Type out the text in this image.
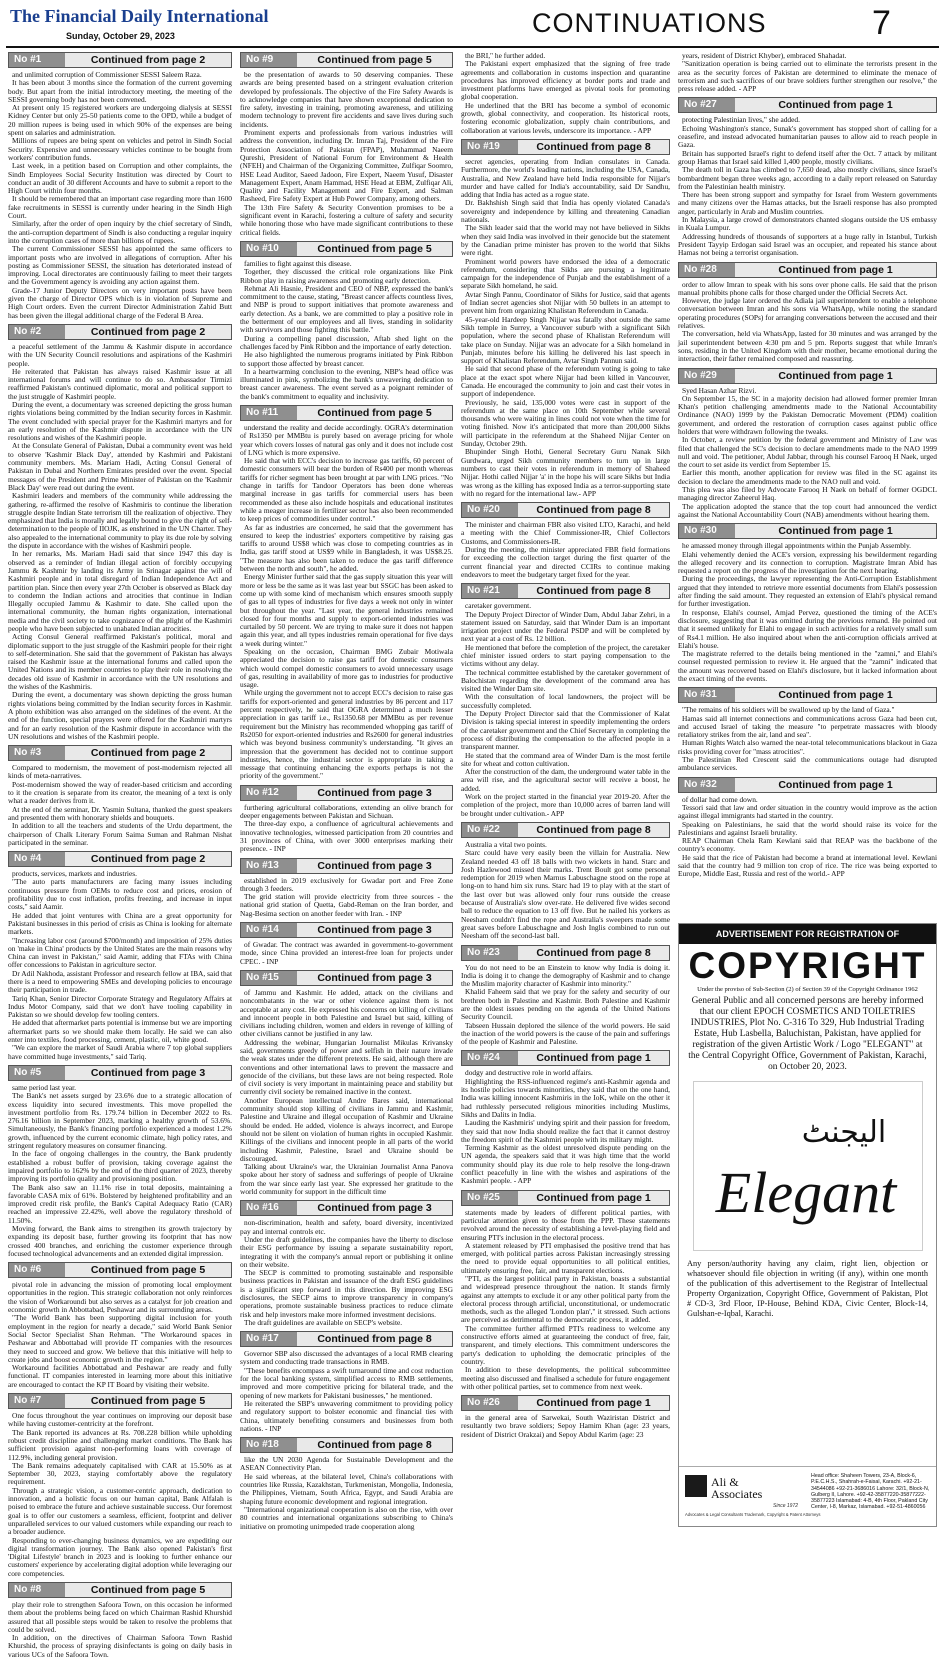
The Financial Daily International
Sunday, October 29, 2023	CONTINUATIONS	7
No #1	Continued from page 2

and unlimited corruption of Commissioner SESSI Saleem Raza.

It has been about 3 months since the formation of the current governing body. But apart from the initial introductory meeting, the meeting of the SESSI governing body has not been convened.

At present only 15 registered workers are undergoing dialysis at SESSI Kidney Center but only 25-50 patients come to the OPD, while a budget of 20 million rupees is being used in which 90% of the expenses are being spent on salaries and administration.

Millions of rupees are being spent on vehicles and petrol in Sindh Social Security. Expensive and unnecessary vehicles continue to be bought from workers' contribution funds.

Last week, in a petition based on Corruption and other complaints, the Sindh Employees Social Security Institution was directed by Court to conduct an audit of 30 different Accounts and have to submit a report to the High Court within four months.

It should be remembered that an important case regarding more than 1600 fake recruitments in SESSI is currently under hearing in the Sindh High Court.

Similarly, after the order of open inquiry by the chief secretary of Sindh, the anti-corruption department of Sindh is also conducting a regular inquiry into the corruption cases of more than billions of rupees.

The current Commissioner SESSI has appointed the same officers to important posts who are involved in allegations of corruption. After his posting as Commissioner SESSI, the situation has deteriorated instead of improving. Local directorates are continuously failing to meet their targets and the Government agency is avoiding any action against them.

Grade-17 Junior Deputy Directors on very important posts have been given the charge of Director OPS which is in violation of Supreme and High Court orders. Even the current Director Administration Zahid Butt has been given the illegal additional charge of the Federal B Area.

No #2	Continued from page 2

a peaceful settlement of the Jammu & Kashmir dispute in accordance with the UN Security Council resolutions and aspirations of the Kashmiri people.

He reiterated that Pakistan has always raised Kashmir issue at all international forums and will continue to do so. Ambassador Tirmizi reaffirmed Pakistan's continued diplomatic, moral and political support to the just struggle of Kashmiri people.

During the event, a documentary was screened depicting the gross human rights violations being committed by the Indian security forces in Kashmir. The event concluded with special prayer for the Kashmiri martyrs and for an early resolution of the Kashmir dispute in accordance with the UN resolutions and wishes of the Kashmiri people.

At the Consulate General of Pakistan, Dubai a community event was held to observe 'Kashmir Black Day', attended by Kashmiri and Pakistani community members. Ms. Mariam Hadi, Acting Consul General of Pakistan in Dubai and Northern Emirates presided over the event. Special messages of the President and Prime Minister of Pakistan on the 'Kashmir Black Day' were read out during the event.

Kashmiri leaders and members of the community while addressing the gathering, re-affirmed the resolve of Kashmiris to continue the liberation struggle despite Indian State terrorism till the realization of objective. They emphasized that India is morally and legally bound to give the right of self-determination to the people of IIOJK, as enshrined in the UN Charter. They also appealed to the international community to play its due role by solving the dispute in accordance with the wishes of Kashmiri people.

In her remarks, Ms. Mariam Hadi said that since 1947 this day is observed as a reminder of Indian illegal action of forcibly occupying Jammu & Kashmir by landing its Army in Srinagar against the will of Kashmiri people and in total disregard of Indian Independence Act and partition plan. Since then every year 27th October is observed as Black day to condemn the Indian actions and atrocities that continue in Indian Illegally occupied Jammu & Kashmir to date. She called upon the international community, the human rights organization, international media and the civil society to take cognizance of the plight of the Kashmiri people who have been subjected to unabated Indian atrocities.

Acting Consul General reaffirmed Pakistan's political, moral and diplomatic support to the just struggle of the Kashmiri people for their right to self-determination. She said that the government of Pakistan has always raised the Kashmir issue at the international forums and called upon the United Nations and its member countries to play their role in resolving the decades old issue of Kashmir in accordance with the UN resolutions and the wishes of the Kashmiris.

During the event, a documentary was shown depicting the gross human rights violations being committed by the Indian security forces in Kashmir. A photo exhibition was also arranged on the sidelines of the event. At the end of the function, special prayers were offered for the Kashmiri martyrs and for an early resolution of the Kashmir dispute in accordance with the UN resolutions and wishes of the Kashmiri people.

No #3	Continued from page 2

Compared to modernism, the movement of post-modernism rejected all kinds of meta-narratives.

Post-modernism showed the way of reader-based criticism and according to it the creation is separate from its creator, the meaning of a text is only what a reader derives from it.

At the end of the seminar, Dr. Yasmin Sultana, thanked the guest speakers and presented them with honorary shields and bouquets.

In addition to all the teachers and students of the Urdu department, the chairperson of Chalk Literary Forum Saima Suman and Rahman Nishat participated in the seminar.

No #4	Continued from page 2

products, services, markets and industries.

"The auto parts manufacturers are facing many issues including continuous pressure from OEMs to reduce cost and prices, erosion of profitability due to cost inflation, profits freezing, and increase in input costs," said Aamir.

He added that joint ventures with China are a great opportunity for Pakistani businesses in this period of crisis as China is looking for alternate markets.

"Increasing labor cost (around $700/month) and imposition of 25% duties on 'make in China' products by the United States are the main reasons why China can invest in Pakistan," said Aamir, adding that FTAs with China offer concessions to Pakistan in agriculture sector.

Dr Adil Nakhoda, assistant Professor and research fellow at IBA, said that there is a need to empowering SMEs and developing policies to encourage their participation in trade.

Tariq Khan, Senior Director Corporate Strategy and Regulatory Affairs at Indus Motor Company, said that we don't have tooling capability in Pakistan so we should develop few tooling centers.

He added that aftermarket parts potential is immense but we are importing aftermarket parts so we should make them locally. He said we can also enter into textiles, food processing, cement, plastic, oil, white good.

"We can explore the market of Saudi Arabia where 7 top global suppliers have committed huge investments," said Tariq.

No #5	Continued from page 3

same period last year.

The Bank's net assets surged by 23.6% due to a strategic allocation of excess liquidity into secured investments. This move propelled the investment portfolio from Rs. 179.74 billion in December 2022 to Rs. 276.16 billion in September 2023, marking a healthy growth of 53.6%. Simultaneously, the Bank's financing portfolio experienced a modest 1.2% growth, influenced by the current economic climate, high policy rates, and stringent regulatory measures on consumer financing.

In the face of ongoing challenges in the country, the Bank prudently established a robust buffer of provision, taking coverage against the impaired portfolio to 162% by the end of the third quarter of 2023, thereby improving its portfolio quality and provisioning position.

The Bank also saw an 11.1% rise in total deposits, maintaining a favorable CASA mix of 61%. Bolstered by heightened profitability and an improved credit risk profile, the Bank's Capital Adequacy Ratio (CAR) reached an impressive 22.42%, well above the regulatory threshold of 11.50%.

Moving forward, the Bank aims to strengthen its growth trajectory by expanding its deposit base, further growing its footprint that has now crossed 400 branches, and enriching the customer experience through focused technological advancements and an extended digital impression.

No #6	Continued from page 5

pivotal role in advancing the mission of promoting local employment opportunities in the region. This strategic collaboration not only reinforces the vision of Workaroundi but also serves as a catalyst for job creation and economic growth in Abbottabad, Peshawar and its surrounding areas.

"The World Bank has been supporting digital inclusion for youth employment in the region for nearly a decade," said World Bank Senior Social Sector Specialist Shan Rehman. "The Workaround spaces in Peshawar and Abbottabad will provide IT companies with the resources they need to succeed and grow. We believe that this initiative will help to create jobs and boost economic growth in the region."

Workaround facilities Abbottabad and Peshawar are ready and fully functional. IT companies interested in learning more about this initiative are encouraged to contact the KP IT Board by visiting their website.

No #7	Continued from page 5

One focus throughout the year continues on improving our deposit base while having customer-centricity at the forefront.

The Bank reported its advances at Rs. 708.228 billion while upholding robust credit discipline and challenging market conditions. The Bank has sufficient provision against non-performing loans with coverage of 112.9%, including general provision.

The Bank remains adequately capitalised with CAR at 15.50% as at September 30, 2023, staying comfortably above the regulatory requirement.

Through a strategic vision, a customer-centric approach, dedication to innovation, and a holistic focus on our human capital, Bank Alfalah is poised to embrace the future and achieve sustainable success. Our foremost goal is to offer our customers a seamless, efficient, footprint and deliver unparalleled services to our valued customers while expanding our reach to a broader audience.

Responding to ever-changing business dynamics, we are expediting our digital transformation journey. The Bank also opened Pakistan's first 'Digital Lifestyle' branch in 2023 and is looking to further enhance our customers' experience by accelerating digital adoption while leveraging our core competencies.

No #8	Continued from page 5

play their role to strengthen Safoora Town, on this occasion he informed them about the problems being faced on which Chairman Rashid Khurshid assured that all possible steps would be taken to resolve the problems that could be solved.

In addition, on the directives of Chairman Safoora Town Rashid Khurshid, the process of spraying disinfectants is going on daily basis in various UCs of the Safoora Town.

No #9	Continued from page 5

be the presentation of awards to 50 deserving companies. These awards are being presented based on a stringent evaluation criterion developed by professionals. The objective of the Fire Safety Awards is to acknowledge companies that have shown exceptional dedication to fire safety, investing in training, promoting awareness, and utilizing modern technology to prevent fire accidents and save lives during such incidents.

Prominent experts and professionals from various industries will address the convention, including Dr. Imran Taj, President of the Fire Protection Association of Pakistan (FPAP), Muhammad Naeem Qureshi, President of National Forum for Environment & Health (NFEH) and Chairman of the Organizing Committee, Zulfiqar Soomro, HSE Lead Auditor, Saeed Jadoon, Fire Expert, Naeem Yusuf, Disaster Management Expert, Anam Hammad, HSE Head at EBM, Zulfiqar Ali, Quality and Facility Management and Fire Expert, and Salman Rasheed, Fire Safety Expert at Hub Power Company, among others.

The 13th Fire Safety & Security Convention promises to be a significant event in Karachi, fostering a culture of safety and security while honoring those who have made significant contributions to these critical fields.

No #10	Continued from page 5

families to fight against this disease.

Together, they discussed the critical role organizations like Pink Ribbon play in raising awareness and promoting early detection.

Rehmat Ali Hasnie, President and CEO of NBP, expressed the bank's commitment to the cause, stating, "Breast cancer affects countless lives, and NBP is proud to support initiatives that promote awareness and early detection. As a bank, we are committed to play a positive role in the betterment of our employees and all lives, standing in solidarity with survivors and those fighting this battle."

During a compelling panel discussion, Aftab shed light on the challenges faced by Pink Ribbon and the importance of early detection.

He also highlighted the numerous programs initiated by Pink Ribbon to support those affected by breast cancer.

In a heartwarming conclusion to the evening, NBP's head office was illuminated in pink, symbolizing the bank's unwavering dedication to breast cancer awareness. The event served as a poignant reminder of the bank's commitment to equality and inclusivity.

No #11	Continued from page 5

understand the reality and decide accordingly. OGRA's determination of Rs1350 per MMBtu is purely based on average pricing for whole year which covers losses of natural gas only and it does not include cost of LNG which is more expensive.

He said that with ECC's decision to increase gas tariffs, 60 percent of domestic consumers will bear the burden of Rs400 per month whereas tariffs for richer segment has been brought at par with LNG prices. "No change in tariffs for Tandoor Operators has been done whereas marginal increase in gas tariffs for commercial users has been recommended as these also include hospitals and educational institutes while a meager increase in fertilizer sector has also been recommended to keep prices of commodities under control."

As far as industries are concerned, he said that the government has ensured to keep the industries' exporters competitive by raising gas tariffs to around US$8 which was close to competing countries as in India, gas tariff stood at US$9 while in Bangladesh, it was US$8.25. "The measure has also been taken to reduce the gas tariff difference between the north and south", he added.

Energy Minister further said that the gas supply situation this year will more or less be the same as it was last year but SSGC has been asked to come up with some kind of mechanism which ensures smooth supply of gas to all types of industries for five days a week not only in winter but throughout the year. "Last year, the general industries remained closed for four months and supply to export-oriented industries was curtailed by 50 percent. We are trying to make sure it does not happen again this year, and all types industries remain operational for five days a week during winter."

Speaking on the occasion, Chairman BMG Zubair Motiwala appreciated the decision to raise gas tariff for domestic consumers which would compel domestic consumers to avoid unnecessary usage of gas, resulting in availability of more gas to industries for productive usage.

While urging the government not to accept ECC's decision to raise gas tariffs for export-oriented and general industries by 86 percent and 117 percent respectively, he said that OGRA determined a much lesser appreciation in gas tariff i.e., Rs1350.68 per MMBtu as per revenue requirement but the Ministry has recommended whopping gas tariff of Rs2050 for export-oriented industries and Rs2600 for general industries which was beyond business community's understanding. "It gives an impression that the government has decided not to continue support industries, hence, the industrial sector is appropriate in taking a message that continuing enhancing the exports perhaps is not the priority of the government."

No #12	Continued from page 3

furthering agricultural collaborations, extending an olive branch for deeper engagements between Pakistan and Sichuan.

The three-day expo, a confluence of agricultural achievements and innovative technologies, witnessed participation from 20 countries and 31 provinces of China, with over 3000 enterprises marking their presence. - INP

No #13	Continued from page 3

established in 2019 exclusively for Gwadar port and Free Zone through 3 feeders.

The grid station will provide electricity from three sources - the national grid station of Quetta, Gabd-Reman on the Iran border, and Nag-Besima section on another feeder with Iran. - INP

No #14	Continued from page 3

of Gwadar. The contract was awarded in government-to-government mode, since China provided an interest-free loan for projects under CPEC. - INP

No #15	Continued from page 3

of Jammu and Kashmir. He added, attack on the civilians and noncombatants in the war or other violence against them is not acceptable at any cost. He expressed his concerns on killing of civilians and innocent people in both Palestine and Israel but said, killing of civilians including children, women and elders in revenge of killing of other civilians cannot be justified in any law.

Addressing the webinar, Hungarian Journalist Mikulas Krivansky said, governments greedy of power and selfish in their nature invade the weak states under the different pretexts. He said, although there are conventions and other international laws to prevent the massacre and genocide of the civilians, but these laws are not being respected. Role of civil society is very important in maintaining peace and stability but currently civil society be remained inactive in the context.

Another European intellectual Andre Bares said, international community should stop killing of civilians in Jammu and Kashmir, Palestine and Ukraine and illegal occupation of Kashmir and Ukraine should be ended. He added, violence is always incorrect, and Europe should not be silent on violation of human rights in occupied Kashmir. Killings of the civilians and innocent people in all parts of the world including Kashmir, Palestine, Israel and Ukraine should be discouraged.

Talking about Ukraine's war, the Ukrainian Journalist Anna Panova spoke about her story of sadness and sufferings of people of Ukraine from the war since early last year. She expressed her gratitude to the world community for support in the difficult time

No #16	Continued from page 3

non-discrimination, health and safety, board diversity, incentivized pay and internal controls etc.

Under the draft guidelines, the companies have the liberty to disclose their ESG performance by issuing a separate sustainability report, integrating it with the company's annual report or publishing it online on their website.

The SECP is committed to promoting sustainable and responsible business practices in Pakistan and issuance of the draft ESG guidelines is a significant step forward in this direction. By improving ESG disclosures, the SECP aims to improve transparency in company's operations, promote sustainable business practices to reduce climate risk and help investors make more informed investment decisions.

The draft guidelines are available on SECP's website.

No #17	Continued from page 8

Governor SBP also discussed the advantages of a local RMB clearing system and conducting trade transactions in RMB.

"These benefits encompass a swift turnaround time and cost reduction for the local banking system, simplified access to RMB settlements, improved and more competitive pricing for bilateral trade, and the opening of new markets for Pakistani businesses," he mentioned.

He reiterated the SBP's unwavering commitment to providing policy and regulatory support to bolster economic and financial ties with China, ultimately benefiting consumers and businesses from both nations. - INP

No #18	Continued from page 8

like the UN 2030 Agenda for Sustainable Development and the ASEAN Connectivity Plan.

He said whereas, at the bilateral level, China's collaborations with countries like Russia, Kazakhstan, Turkmenistan, Mongolia, Indonesia, the Philippines, Vietnam, South Africa, Egypt, and Saudi Arabia are shaping future economic development and regional integration.

"International organizational cooperation is also on the rise, with over 80 countries and international organizations subscribing to China's initiative on promoting unimpeded trade cooperation along

the BRI," he further added.

The Pakistani expert emphasized that the signing of free trade agreements and collaboration in customs inspection and quarantine procedures has improved efficiency at border ports and trade and investment platforms have emerged as pivotal tools for promoting global cooperation.

He underlined that the BRI has become a symbol of economic growth, global connectivity, and cooperation. Its historical roots, fostering economic globalization, supply chain contributions, and collaboration at various levels, underscore its importance. - APP

No #19	Continued from page 8

secret agencies, operating from Indian consulates in Canada. Furthermore, the world's leading nations, including the USA, Canada, Australia, and New Zealand have held India responsible for Nijjar's murder and have called for India's accountability, said Dr Sandhu, adding that India has acted as a rogue state.

Dr. Bakhshish Singh said that India has openly violated Canada's sovereignty and independence by killing and threatening Canadian nationals.

The Sikh leader said that the world may not have believed in Sikhs when they said India was involved in their genocide but the statement by the Canadian prime minister has proven to the world that Sikhs were right.

Prominent world powers have endorsed the idea of a democratic referendum, considering that Sikhs are pursuing a legitimate campaign for the independence of Punjab and the establishment of a separate Sikh homeland, he said.

Avtar Singh Pannu, Coordinator of Sikhs for Justice, said that agents of Indian secret agencies shot Nijjar with 50 bullets in an attempt to prevent him from organizing Khalistan Referendum in Canada.

45-year-old Hardeep Singh Nijjar was fatally shot outside the same Sikh temple in Surrey, a Vancouver suburb with a significant Sikh population, where the second phase of Khalistan Referendum will take place on Sunday. Nijjar was an advocate for a Sikh homeland in Punjab, minutes before his killing he delivered his last speech in support of Khalistan Referendum, Avtar Singh Pannun said.

He said that second phase of the referendum voting is going to take place at the exact spot where Nijjar had been killed in Vancouver, Canada. He encouraged the community to join and cast their votes in support of independence.

Previously, he said, 135,000 votes were cast in support of the referendum at the same place on 10th September while several thousands who were waiting in lines could not vote when the time for voting finished. Now it's anticipated that more than 200,000 Sikhs will participate in the referendum at the Shaheed Nijjar Center on Sunday, October 29th.

Bhupinder Singh Hothi, General Secretary Guru Nanak Sikh Gurdwara, urged Sikh community members to turn up in large numbers to cast their votes in referendum in memory of Shaheed Nijjar. Hothi called Nijjar 'a' in the hope his will scare Sikhs but India was wrong as the killing has exposed India as a terror-supporting state with no regard for the international law.- APP

No #20	Continued from page 8

The minister and chairman FBR also visited LTO, Karachi, and held a meeting with the Chief Commissioner-IR, Chief Collectors Customs, and Commissioners-IR.

During the meeting, the minister appreciated FBR field formations for exceeding the collection target during the first quarter of the current financial year and directed CCIRs to continue making endeavors to meet the budgetary target fixed for the year.

No #21	Continued from page 8

caretaker government.

The Deputy Project Director of Winder Dam, Abdul Jabar Zehri, in a statement issued on Saturday, said that Winder Dam is an important irrigation project under the Federal PSDP and will be completed by next year at a cost of Rs. 12 billion.

He mentioned that before the completion of the project, the caretaker chief minister issued orders to start paying compensation to the victims without any delay.

The technical committee established by the caretaker government of Balochistan regarding the development of the command area has visited the Winder Dam site.

With the consultation of local landowners, the project will be successfully completed.

The Deputy Project Director said that the Commissioner of Kalat Division is taking special interest in speedily implementing the orders of the caretaker government and the Chief Secretary in completing the process of distributing the compensation to the affected people in a transparent manner.

He stated that the command area of Winder Dam is the most fertile site for wheat and cotton cultivation.

After the construction of the dam, the underground water table in the area will rise, and the agricultural sector will receive a boost, he added.

Work on the project started in the financial year 2019-20. After the completion of the project, more than 10,000 acres of barren land will be brought under cultivation.- APP

No #22	Continued from page 8

Australia a vital two points.

Starc could have very easily been the villain for Australia. New Zealand needed 43 off 18 balls with two wickets in hand. Starc and Josh Hazlewood missed their marks. Trent Boult got some personal redemption for 2019 when Marnus Labuschagne stood on the rope at long-on to hand him six runs. Starc had 19 to play with at the start of the last over but was allowed only four runs outside the crease because of Australia's slow over-rate. He delivered five wides second ball to reduce the equation to 13 off five. But he nailed his yorkers as Neesham couldn't find the rope and Australia's sweepers made some great saves before Labuschagne and Josh Inglis combined to run out Neesham off the second-last ball.

No #23	Continued from page 8

You do not need to be an Einstein to know why India is doing it. India is doing it to change the demography of Kashmir and to change the Muslim majority character of Kashmir into minority."

Khalid Faheem said that we pray for the safety and security of our brethren both in Palestine and Kashmir. Both Palestine and Kashmir are the oldest issues pending on the agenda of the United Nations Security Council.

Tabseen Hussain deplored the silence of the world powers. He said the inaction of the world powers is the cause of the pain and sufferings of the people of Kashmir and Palestine.

No #24	Continued from page 1

dodgy and destructive role in world affairs.

Highlighting the RSS-influenced regime's anti-Kashmir agenda and its hostile policies towards minorities, they said that on the one hand, India was killing innocent Kashmiris in the IoK, while on the other it had ruthlessly persecuted religious minorities including Muslims, Sikhs and Dalits in India.

Lauding the Kashmiris' undying spirit and their passion for freedom, they said that now India should realize the fact that it cannot destroy the freedom spirit of the Kashmiri people with its military might.

Terming Kashmir as the oldest unresolved dispute pending on the UN agenda, the speakers said that it was high time that the world community should play its due role to help resolve the long-drawn conflict peacefully in line with the wishes and aspirations of the Kashmiri people. - APP

No #25	Continued from page 1

statements made by leaders of different political parties, with particular attention given to those from the PPP. These statements revolved around the necessity of establishing a level-playing field and ensuring PTI's inclusion in the electoral process.

A statement released by PTI emphasised the positive trend that has emerged, with political parties across Pakistan increasingly stressing the need to provide equal opportunities to all political entities, ultimately ensuring free, fair, and transparent elections.

"PTI, as the largest political party in Pakistan, boasts a substantial and widespread presence throughout the nation. It stands firmly against any attempts to exclude it or any other political party from the electoral process through artificial, unconstitutional, or undemocratic methods, such as the alleged 'London plan'," it stressed. Such actions are perceived as detrimental to the democratic process, it added.

The committee further affirmed PTI's readiness to welcome any constructive efforts aimed at guaranteeing the conduct of free, fair, transparent, and timely elections. This commitment underscores the party's dedication to upholding the democratic principles of the country.

In addition to these developments, the political subcommittee meeting also discussed and finalised a schedule for future engagement with other political parties, set to commence from next week.

No #26	Continued from page 1

in the general area of Sarwekai, South Waziristan District and resultantly two brave soldiers; Sepoy Hamim Khan (age: 23 years, resident of District Orakzai) and Sepoy Abdul Karim (age: 23

years, resident of District Khyber), embraced Shahadat.

"Sanitization operation is being carried out to eliminate the terrorists present in the area as the security forces of Pakistan are determined to eliminate the menace of terrorism and such sacrifices of our brave soldiers further strengthen our resolve," the press release added. - APP

No #27	Continued from page 1

protecting Palestinian lives," she added.

Echoing Washington's stance, Sunak's government has stopped short of calling for a ceasefire, and instead advocated humanitarian pauses to allow aid to reach people in Gaza.

Britain has supported Israel's right to defend itself after the Oct. 7 attack by militant group Hamas that Israel said killed 1,400 people, mostly civilians.

The death toll in Gaza has climbed to 7,650 dead, also mostly civilians, since Israel's bombardment began three weeks ago, according to a daily report released on Saturday from the Palestinian health ministry.

There has been strong support and sympathy for Israel from Western governments and many citizens over the Hamas attacks, but the Israeli response has also prompted anger, particularly in Arab and Muslim countries.

In Malaysia, a large crowd of demonstrators chanted slogans outside the US embassy in Kuala Lumpur.

Addressing hundreds of thousands of supporters at a huge rally in Istanbul, Turkish President Tayyip Erdogan said Israel was an occupier, and repeated his stance about Hamas not being a terrorist organisation.

No #28	Continued from page 1

order to allow Imran to speak with his sons over phone calls. He said that the prison manual prohibits phone calls for those charged under the Official Secrets Act.

However, the judge later ordered the Adiala jail superintendent to enable a telephone conversation between Imran and his sons via WhatsApp, while noting the standard operating procedures (SOPs) for arranging conversations between the accused and their relatives.

The conversation, held via WhatsApp, lasted for 30 minutes and was arranged by the jail superintendent between 4:30 pm and 5 pm. Reports suggest that while Imran's sons, residing in the United Kingdom with their mother, became emotional during the interaction, their father remained composed and reassuring.

No #29	Continued from page 1

Syed Hasan Azhar Rizvi.

On September 15, the SC in a majority decision had allowed former premier Imran Khan's petition challenging amendments made to the National Accountability Ordinance (NAO) 1999 by the Pakistan Democratic Movement (PDM) coalition government, and ordered the restoration of corruption cases against public office holders that were withdrawn following the tweaks.

In October, a review petition by the federal government and Ministry of Law was filed that challenged the SC's decision to declare amendments made to the NAO 1999 null and void. The petitioner, Abdul Jabbar, through his counsel Farooq H Naek, urged the court to set aside its verdict from September 15.

Earlier this month, another application for review was filed in the SC against its decision to declare the amendments made to the NAO null and void.

This plea was also filed by Advocate Farooq H Naek on behalf of former OGDCL managing director Zaheerul Haq.

The application adopted the stance that the top court had announced the verdict against the National Accountability Court (NAB) amendments without hearing them.

No #30	Continued from page 1

he amassed money through illegal appointments within the Punjab Assembly.

Elahi vehemently denied the ACE's version, expressing his bewilderment regarding the alleged recovery and its connection to corruption. Magistrate Imran Abid has requested a report on the progress of the investigation for the next hearing.

During the proceedings, the lawyer representing the Anti-Corruption Establishment argued that they intended to retrieve more essential documents from Elahi's possession after finding the said amount. They requested an extension of Elahi's physical remand for further investigation.

In response, Elahi's counsel, Amjad Pervez, questioned the timing of the ACE's disclosure, suggesting that it was omitted during the previous remand. He pointed out that it seemed unlikely for Elahi to engage in such activities for a relatively small sum of Rs4.1 million. He also inquired about when the anti-corruption officials arrived at Elahi's house.

The magistrate referred to the details being mentioned in the "zamni," and Elahi's counsel requested permission to review it. He argued that the "zamni" indicated that the amount was recovered based on Elahi's disclosure, but it lacked information about the exact timing of the events.

No #31	Continued from page 1

"The remains of his soldiers will be swallowed up by the land of Gaza."

Hamas said all internet connections and communications across Gaza had been cut, and accused Israel of taking the measure "to perpetrate massacres with bloody retaliatory strikes from the air, land and sea".

Human Rights Watch also warned the near-total telecommunications blackout in Gaza risks providing cover for "mass atrocities".

The Palestinian Red Crescent said the communications outage had disrupted ambulance services.

No #32	Continued from page 1

of dollar had come down.

Tessori said that law and order situation in the country would improve as the action against illegal immigrants had started in the country.

Speaking on Palestinians, he said that the world should raise its voice for the Palestinians and against Israeli brutality.

REAP Chairman Chela Ram Kewlani said that REAP was the backbone of the country's economy.

He said that the rice of Pakistan had become a brand at international level. Kewlani said that the country had 9 million ton crop of rice. The rice was being exported to Europe, Middle East, Russia and rest of the world.- APP

ADVERTISEMENT FOR REGISTRATION OF
COPYRIGHT
Under the proviso of Sub-Section (2) of Section 39 of the Copyright Ordinance 1962
General Public and all concerned persons are hereby informed that our client EPOCH COSMETICS AND TOILETRIES INDUSTRIES, Plot No. C-316 To 329, Hub Industrial Trading Estate, Hub Lasbella, Baluchistan, Pakistan, have applied for registration of the given Artistic Work / Logo "ELEGANT" at the Central Copyright Office, Government of Pakistan, Karachi, on October 20, 2023.
الیجنٹ
Elegant
Any person/authority having any claim, right lien, objection or whatsoever should file objection in writing (if any), within one month of the publication of this advertisement to the Registrar of Intellectual Property Organization, Copyright Office, Government of Pakistan, Plot # CD-3, 3rd Floor, IP-House, Behind KDA, Civic Center, Block-14, Gulshan-e-Iqbal, Karachi.
Ali &
Associates
Since 1972
Advocates & Legal Consultants Trademark, Copyright & Patent Attorneys
Head office: Shaheen Towers, 23-A, Block-6, P.E.C.H.S., Shahrah-e-Faisal, Karachi. +92-21-34544086 +92-21-3686016 Lahore: 32/1, Block-N, Gulberg II, Lahore. +92-42-35877220-35877222-35877223 Islamabad: 4-B, 4th Floor, Pakland City Center, I-8, Markaz, Islamabad. +92-51-4860056
